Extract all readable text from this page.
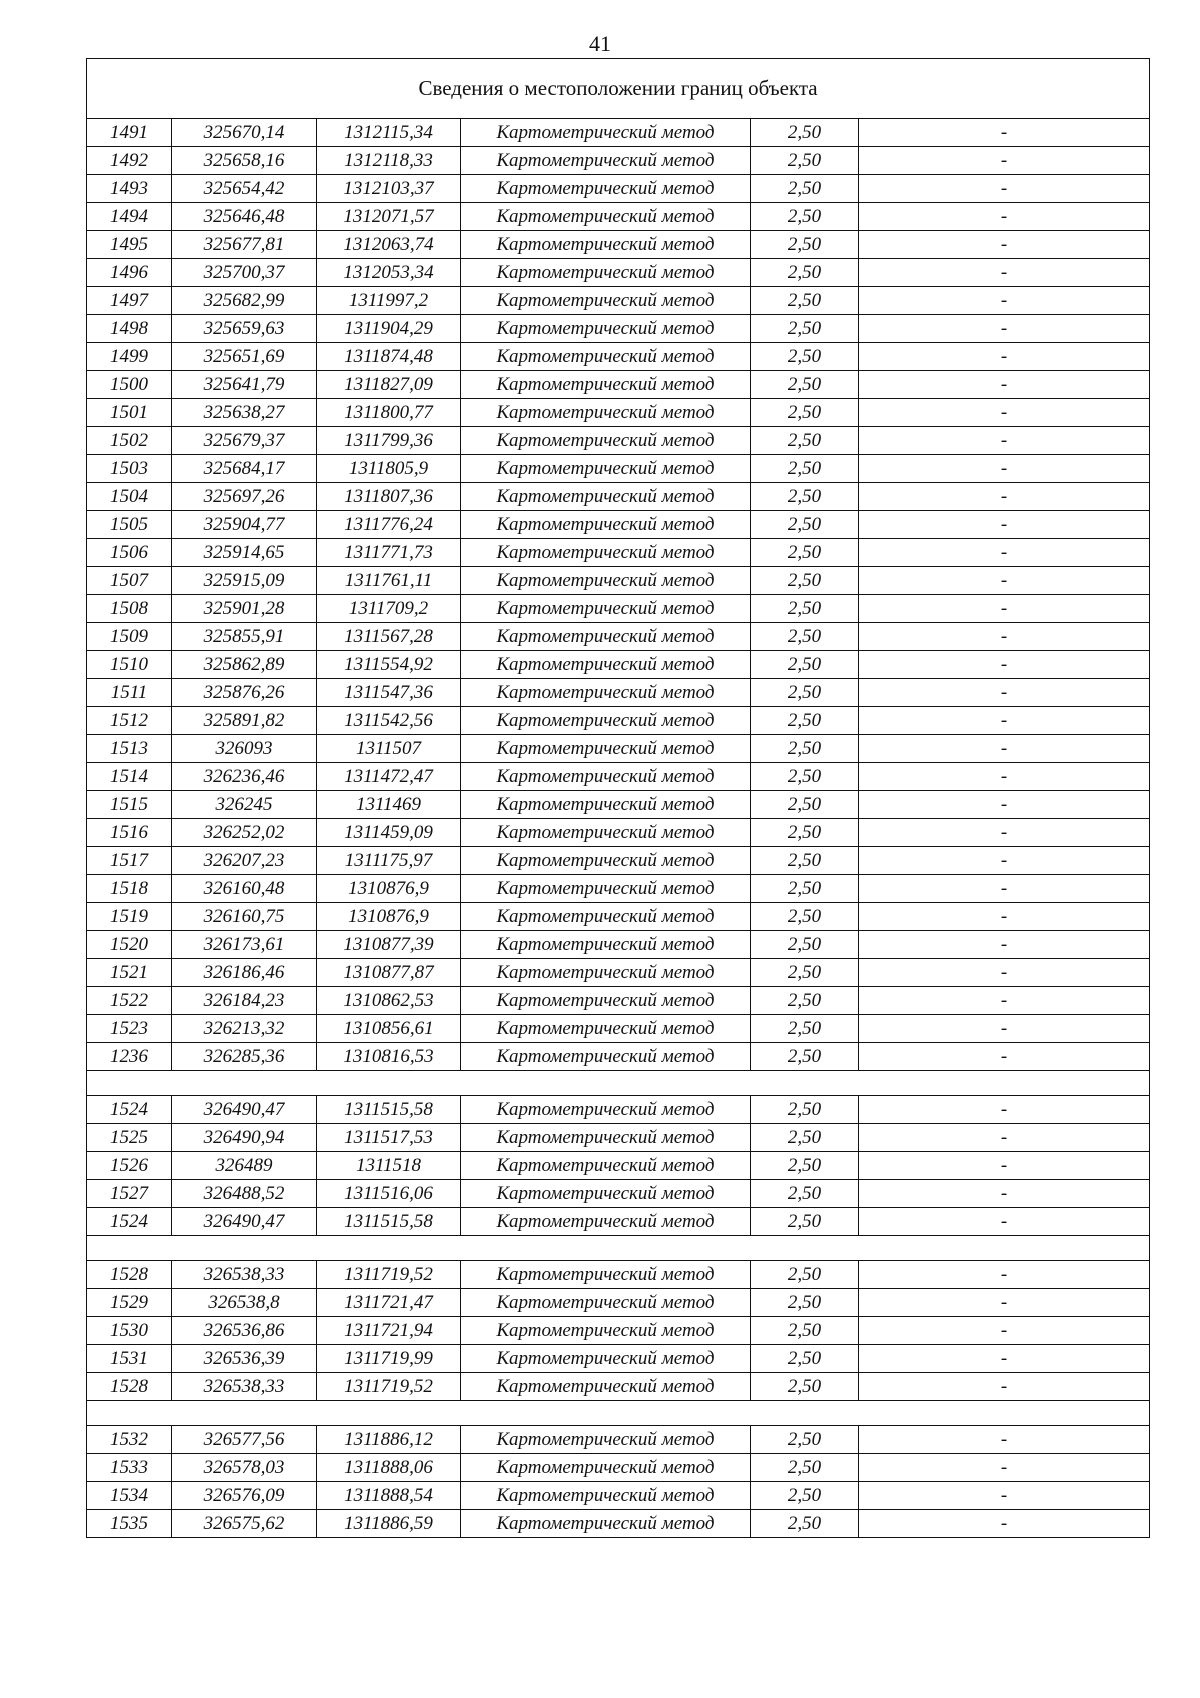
41
Сведения о местоположении границ объекта					
1491	325670,14	1312115,34	Картометрический метод	2,50	-
1492	325658,16	1312118,33	Картометрический метод	2,50	-
1493	325654,42	1312103,37	Картометрический метод	2,50	-
1494	325646,48	1312071,57	Картометрический метод	2,50	-
1495	325677,81	1312063,74	Картометрический метод	2,50	-
1496	325700,37	1312053,34	Картометрический метод	2,50	-
1497	325682,99	1311997,2	Картометрический метод	2,50	-
1498	325659,63	1311904,29	Картометрический метод	2,50	-
1499	325651,69	1311874,48	Картометрический метод	2,50	-
1500	325641,79	1311827,09	Картометрический метод	2,50	-
1501	325638,27	1311800,77	Картометрический метод	2,50	-
1502	325679,37	1311799,36	Картометрический метод	2,50	-
1503	325684,17	1311805,9	Картометрический метод	2,50	-
1504	325697,26	1311807,36	Картометрический метод	2,50	-
1505	325904,77	1311776,24	Картометрический метод	2,50	-
1506	325914,65	1311771,73	Картометрический метод	2,50	-
1507	325915,09	1311761,11	Картометрический метод	2,50	-
1508	325901,28	1311709,2	Картометрический метод	2,50	-
1509	325855,91	1311567,28	Картометрический метод	2,50	-
1510	325862,89	1311554,92	Картометрический метод	2,50	-
1511	325876,26	1311547,36	Картометрический метод	2,50	-
1512	325891,82	1311542,56	Картометрический метод	2,50	-
1513	326093	1311507	Картометрический метод	2,50	-
1514	326236,46	1311472,47	Картометрический метод	2,50	-
1515	326245	1311469	Картометрический метод	2,50	-
1516	326252,02	1311459,09	Картометрический метод	2,50	-
1517	326207,23	1311175,97	Картометрический метод	2,50	-
1518	326160,48	1310876,9	Картометрический метод	2,50	-
1519	326160,75	1310876,9	Картометрический метод	2,50	-
1520	326173,61	1310877,39	Картометрический метод	2,50	-
1521	326186,46	1310877,87	Картометрический метод	2,50	-
1522	326184,23	1310862,53	Картометрический метод	2,50	-
1523	326213,32	1310856,61	Картометрический метод	2,50	-
1236	326285,36	1310816,53	Картометрический метод	2,50	-

1524	326490,47	1311515,58	Картометрический метод	2,50	-
1525	326490,94	1311517,53	Картометрический метод	2,50	-
1526	326489	1311518	Картометрический метод	2,50	-
1527	326488,52	1311516,06	Картометрический метод	2,50	-
1524	326490,47	1311515,58	Картометрический метод	2,50	-

1528	326538,33	1311719,52	Картометрический метод	2,50	-
1529	326538,8	1311721,47	Картометрический метод	2,50	-
1530	326536,86	1311721,94	Картометрический метод	2,50	-
1531	326536,39	1311719,99	Картометрический метод	2,50	-
1528	326538,33	1311719,52	Картометрический метод	2,50	-

1532	326577,56	1311886,12	Картометрический метод	2,50	-
1533	326578,03	1311888,06	Картометрический метод	2,50	-
1534	326576,09	1311888,54	Картометрический метод	2,50	-
1535	326575,62	1311886,59	Картометрический метод	2,50	-
